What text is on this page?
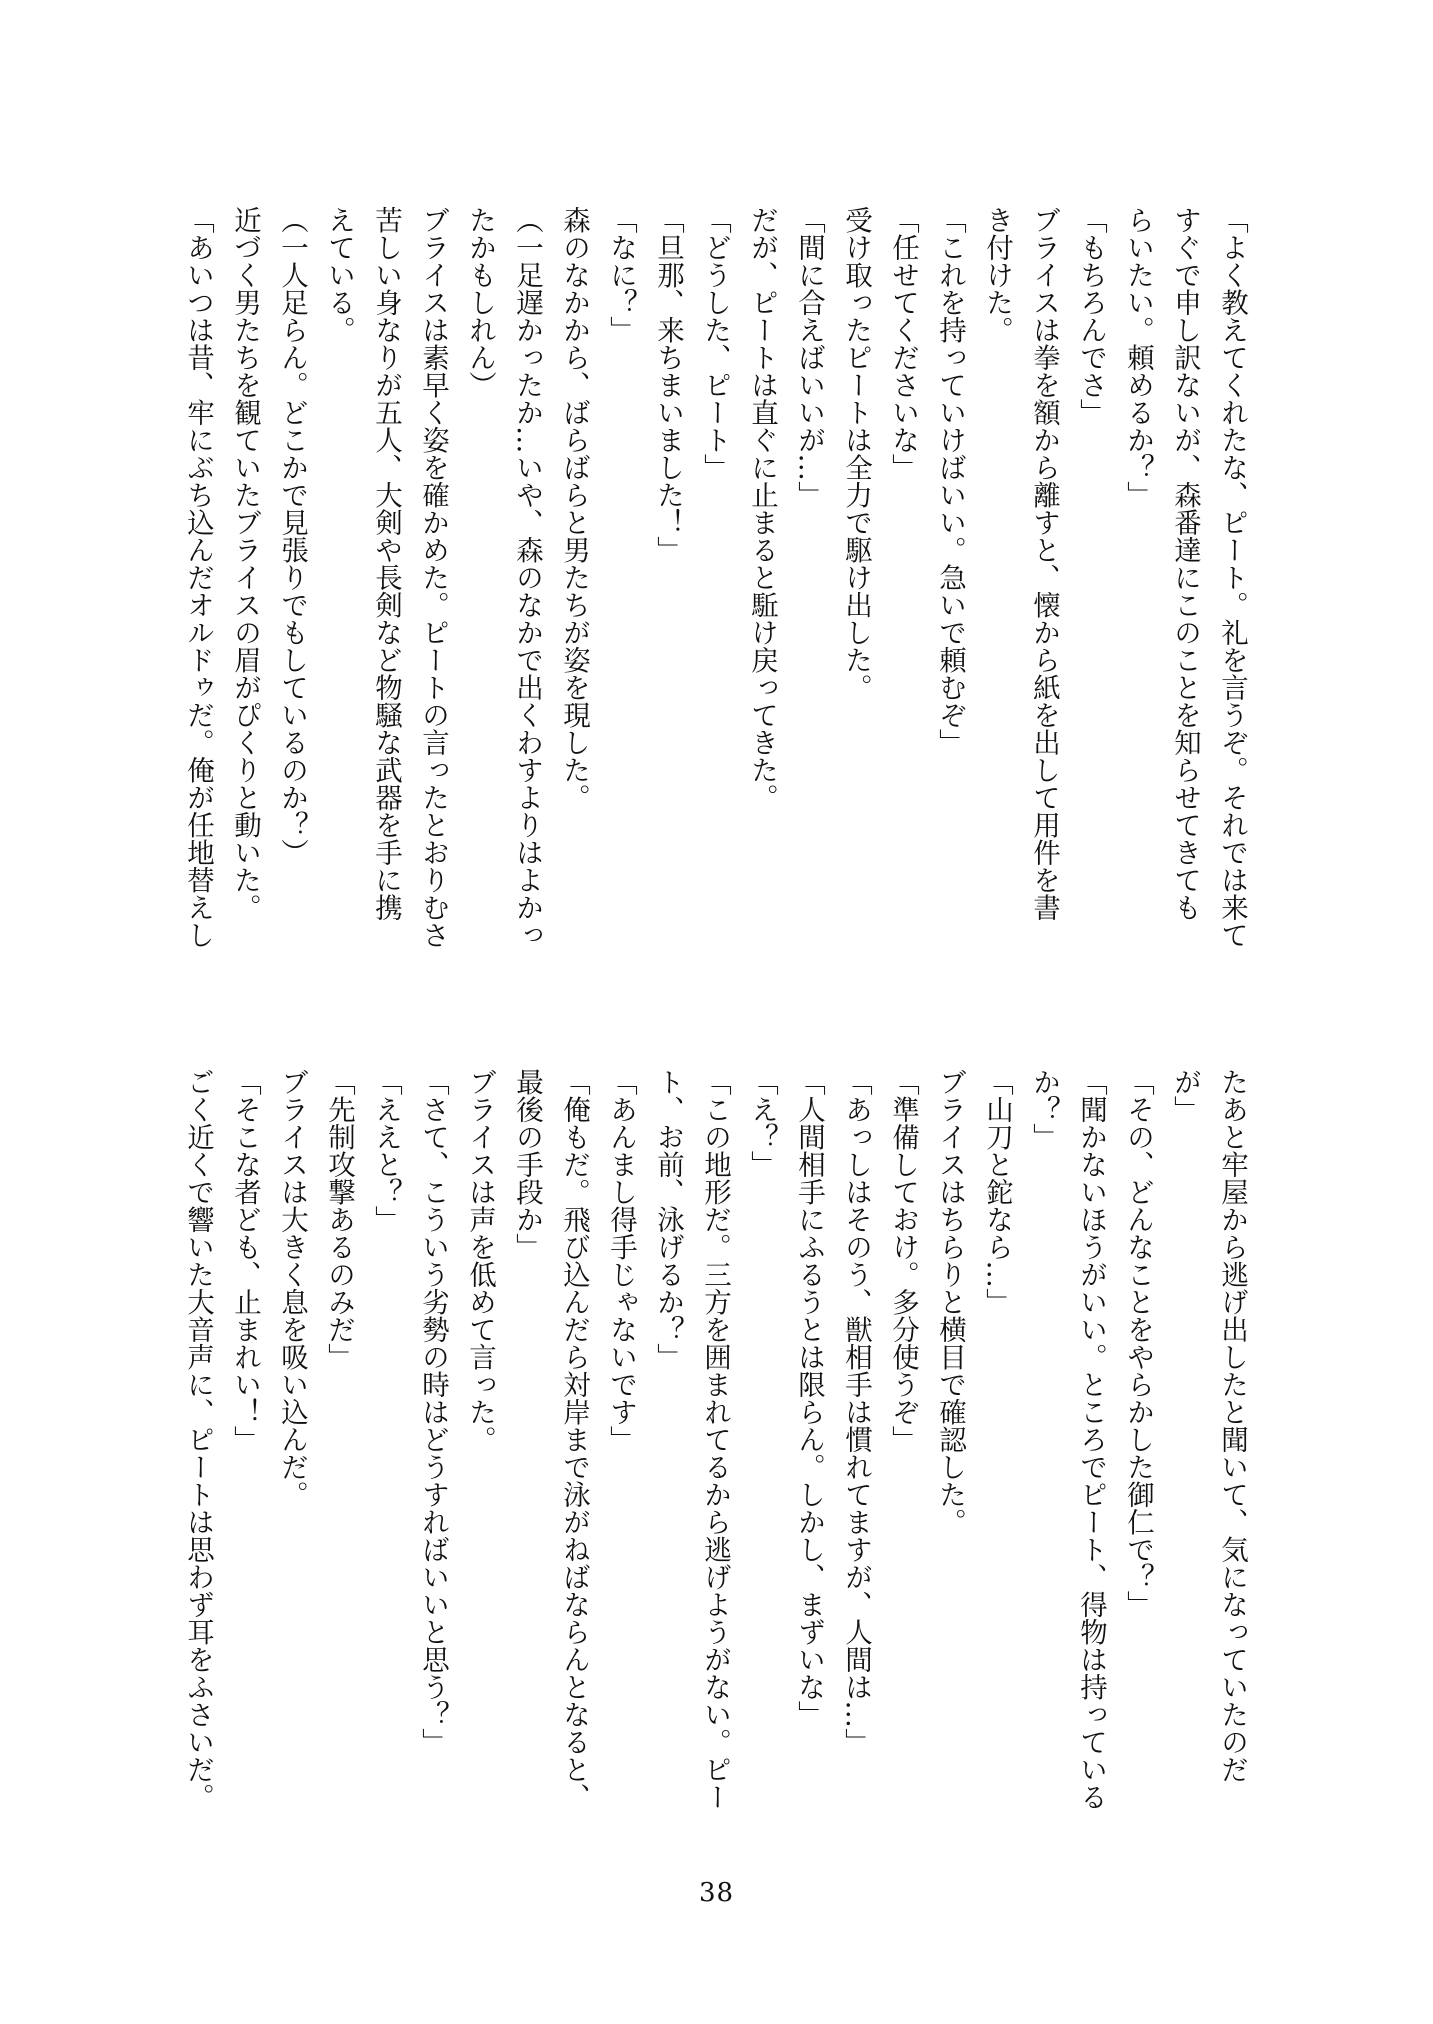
「よく教えてくれたな、ピート。礼を言うぞ。それでは来て
すぐで申し訳ないが、森番達にこのことを知らせてきても
らいたい。頼めるか？」
「もちろんでさ」
ブライスは拳を額から離すと、懐から紙を出して用件を書
き付けた。
「これを持っていけばいい。急いで頼むぞ」
「任せてくださいな」
受け取ったピートは全力で駆け出した。
「間に合えばいいが…」
だが、ピートは直ぐに止まると駈け戻ってきた。
「どうした、ピート」
「旦那、来ちまいました！」
「なに？」
森のなかから、ばらばらと男たちが姿を現した。
（一足遅かったか…いや、森のなかで出くわすよりはよかっ
たかもしれん）
ブライスは素早く姿を確かめた。ピートの言ったとおりむさ
苦しい身なりが五人、大剣や長剣など物騒な武器を手に携
えている。
（一人足らん。どこかで見張りでもしているのか？）
近づく男たちを観ていたブライスの眉がぴくりと動いた。
「あいつは昔、牢にぶち込んだオルドゥだ。俺が任地替えし
たあと牢屋から逃げ出したと聞いて、気になっていたのだ
が」
「その、どんなことをやらかした御仁で？」
「聞かないほうがいい。ところでピート、得物は持っている
か？」
「山刀と鉈なら…」
ブライスはちらりと横目で確認した。
「準備しておけ。多分使うぞ」
「あっしはそのう、獣相手は慣れてますが、人間は…」
「人間相手にふるうとは限らん。しかし、まずいな」
「え？」
「この地形だ。三方を囲まれてるから逃げようがない。ピー
ト、お前、泳げるか？」
「あんまし得手じゃないです」
「俺もだ。飛び込んだら対岸まで泳がねばならんとなると、
最後の手段か」
ブライスは声を低めて言った。
「さて、こういう劣勢の時はどうすればいいと思う？」
「ええと？」
「先制攻撃あるのみだ」
ブライスは大きく息を吸い込んだ。
「そこな者ども、止まれい！」
ごく近くで響いた大音声に、ピートは思わず耳をふさいだ。
38
